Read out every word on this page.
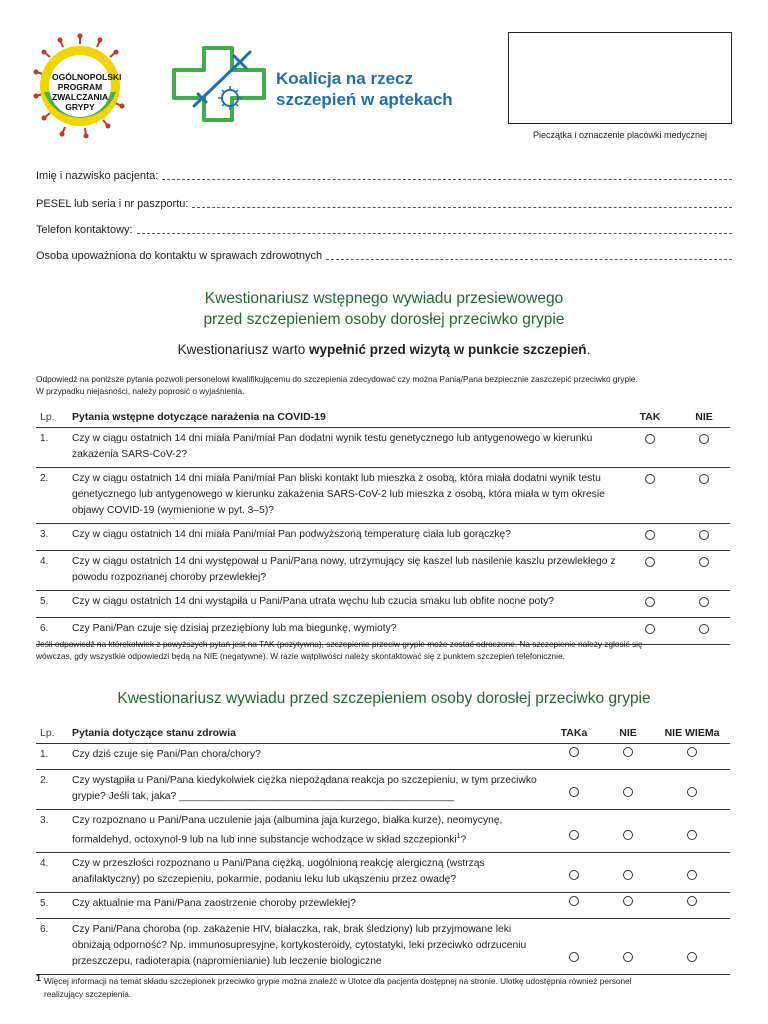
OGÓLNOPOLSKI
PROGRAM
ZWALCZANIA
GRYPY
Koalicja na rzecz
szczepień w aptekach
Pieczątka i oznaczenie placówki medycznej
Imię i nazwisko pacjenta:
PESEL lub seria i nr paszportu:
Telefon kontaktowy:
Osoba upoważniona do kontaktu w sprawach zdrowotnych
Kwestionariusz wstępnego wywiadu przesiewowego
przed szczepieniem osoby dorosłej przeciwko grypie
Kwestionariusz warto wypełnić przed wizytą w punkcie szczepień.
Odpowiedź na poniższe pytania pozwoli personelowi kwalifikującemu do szczepienia zdecydować czy można Panią/Pana bezpiecznie zaszczepić przeciwko grypie.
W przypadku niejasności, należy poprosić o wyjaśnienia.
Lp.	Pytania wstępne dotyczące narażenia na COVID-19	TAK	NIE
1.	Czy w ciągu ostatnich 14 dni miała Pani/miał Pan dodatni wynik testu genetycznego lub antygenowego w kierunku zakażenia SARS-CoV-2?		
2.	Czy w ciągu ostatnich 14 dni miała Pani/miał Pan bliski kontakt lub mieszka z osobą, która miała dodatni wynik testu genetycznego lub antygenowego w kierunku zakażenia SARS-CoV-2 lub mieszka z osobą, która miała w tym okresie objawy COVID-19 (wymienione w pyt. 3–5)?		
3.	Czy w ciągu ostatnich 14 dni miała Pani/miał Pan podwyższoną temperaturę ciała lub gorączkę?		
4.	Czy w ciągu ostatnich 14 dni występował u Pani/Pana nowy, utrzymujący się kaszel lub nasilenie kaszlu przewlekłego z powodu rozpoznanej choroby przewlekłej?		
5.	Czy w ciągu ostatnich 14 dni wystąpiła u Pani/Pana utrata węchu lub czucia smaku lub obfite nocne poty?		
6.	Czy Pani/Pan czuje się dzisiaj przeziębiony lub ma biegunkę, wymioty?		
Jeśli odpowiedź na którekolwiek z powyższych pytań jest na TAK (pozytywna), szczepienie przeciw grypie może zostać odroczone. Na szczepienie należy zgłosić się
wówczas, gdy wszystkie odpowiedzi będą na NIE (negatywne). W razie wątpliwości należy skontaktować się z punktem szczepień telefonicznie.
Kwestionariusz wywiadu przed szczepieniem osoby dorosłej przeciwko grypie
Lp.	Pytania dotyczące stanu zdrowia	TAKa	NIE	NIE WIEMa
1.	Czy dziś czuje się Pani/Pan chora/chory?			
2.	Czy wystąpiła u Pani/Pana kiedykolwiek ciężka niepożądana reakcja po szczepieniu, w tym przeciwko grypie? Jeśli tak, jaka? ________________________________________________			
3.	Czy rozpoznano u Pani/Pana uczulenie jaja (albumina jaja kurzego, białka kurze), neomycynę, formaldehyd, octoxynol-9 lub na lub inne substancje wchodzące w skład szczepionki$^1$?			
4.	Czy w przeszłości rozpoznano u Pani/Pana ciężką, uogólnioną reakcję alergiczną (wstrząs anafilaktyczny) po szczepieniu, pokarmie, podaniu leku lub ukąszeniu przez owadę?			
5.	Czy aktualnie ma Pani/Pana zaostrzenie choroby przewlekłej?			
6.	Czy Pani/Pana choroba (np. zakażenie HIV, białaczka, rak, brak śledziony) lub przyjmowane leki obniżają odporność? Np. immunosupresyjne, kortykosteroidy, cytostatyki, leki przeciwko odrzuceniu przeszczepu, radioterapia (napromienianie) lub leczenie biologiczne			
1 Więcej informacji na temat składu szczepionek przeciwko grypie można znaleźć w Ulotce dla pacjenta dostępnej na stronie. Ulotkę udostępnia również personel
realizujący szczepienia.
